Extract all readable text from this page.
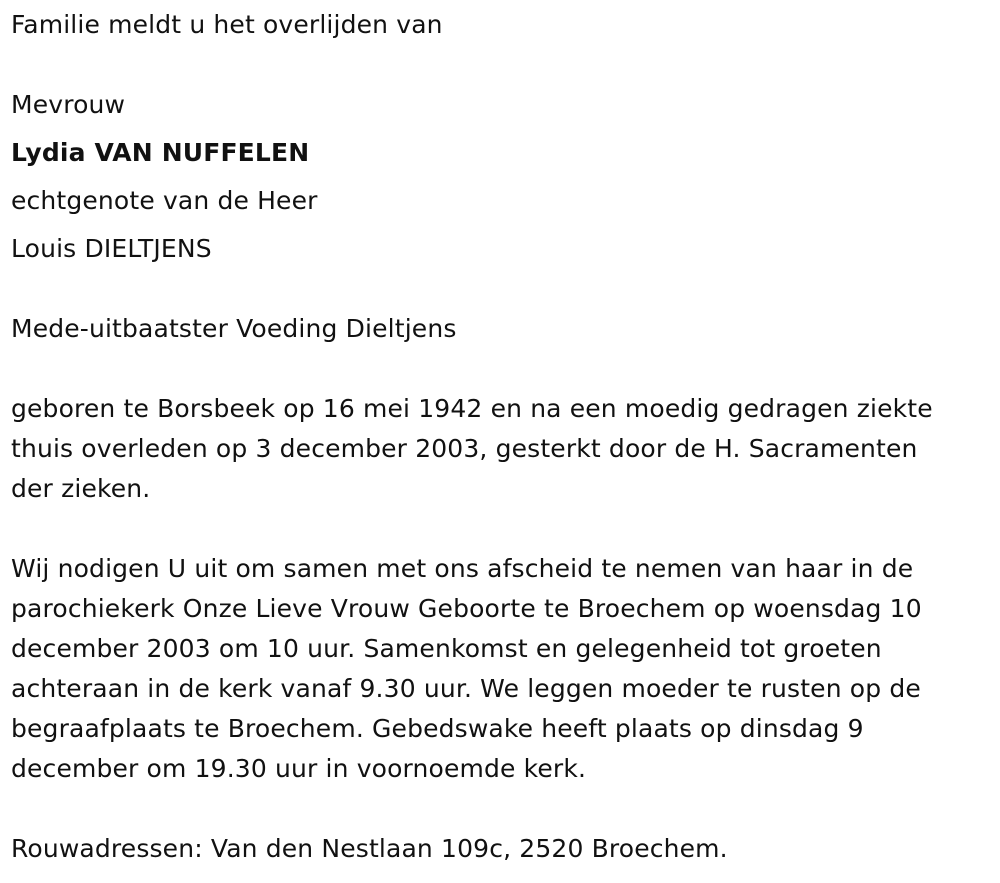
Familie meldt u het overlijden van
Mevrouw
Lydia VAN NUFFELEN
echtgenote van de Heer
Louis DIELTJENS
Mede-uitbaatster Voeding Dieltjens
geboren te Borsbeek op 16 mei 1942 en na een moedig gedragen ziekte
thuis overleden op 3 december 2003, gesterkt door de H. Sacramenten
der zieken.
Wij nodigen U uit om samen met ons afscheid te nemen van haar in de
parochiekerk Onze Lieve Vrouw Geboorte te Broechem op woensdag 10
december 2003 om 10 uur. Samenkomst en gelegenheid tot groeten
achteraan in de kerk vanaf 9.30 uur. We leggen moeder te rusten op de
begraafplaats te Broechem. Gebedswake heeft plaats op dinsdag 9
december om 19.30 uur in voornoemde kerk.
Rouwadressen: Van den Nestlaan 109c, 2520 Broechem.
